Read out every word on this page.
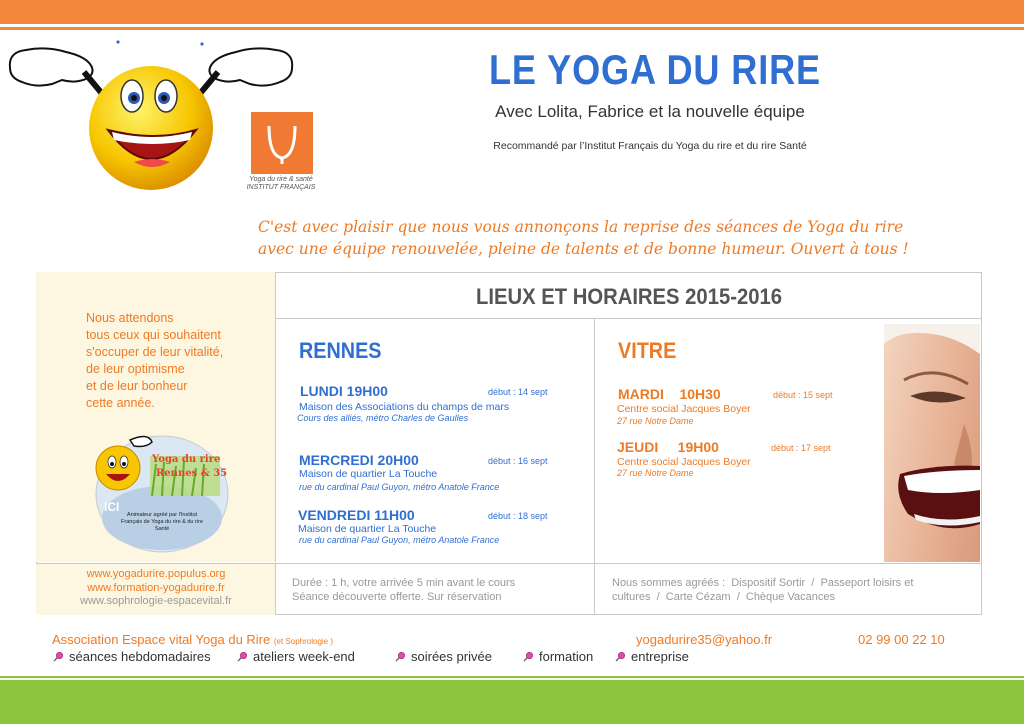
Yoga du rire & santé
INSTITUT FRANÇAIS
LE YOGA DU RIRE
Avec Lolita, Fabrice et la nouvelle équipe
Recommandé par l’Institut Français du Yoga du rire et du rire Santé
C'est avec plaisir que nous vous annonçons la reprise des séances de Yoga du rire
avec une équipe renouvelée, pleine de talents et de bonne humeur. Ouvert à tous !
Nous attendons
tous ceux qui souhaitent
s'occuper de leur vitalité,
de leur optimisme
et de leur bonheur
cette année.
Yoga du rire
Rennes & 35
ICI
Animateur agréé par l'Institut Français de Yoga du rire & du rire Santé
LIEUX ET HORAIRES 2015-2016
RENNES	VITRE
LUNDI 19H00	début : 14 sept
Maison des Associations du champs de mars
Cours des alliés, métro Charles de Gaulles
MERCREDI 20H00	début : 16 sept
Maison de quartier La Touche
rue du cardinal Paul Guyon, métro Anatole France
VENDREDI 11H00	début : 18 sept
Maison de quartier La Touche
rue du cardinal Paul Guyon, métro Anatole France
MARDI    10H30	début : 15 sept
Centre social Jacques Boyer
27 rue Notre Dame
JEUDI     19H00	début : 17 sept
Centre social Jacques Boyer
27 rue Notre Dame
www.yogadurire.populus.org
www.formation-yogadurire.fr
www.sophrologie-espacevital.fr
Durée : 1 h, votre arrivée 5 min avant le cours
Séance découverte offerte. Sur réservation
Nous sommes agréés :  Dispositif Sortir  /  Passeport loisirs et
cultures  /  Carte Cézam  /  Chèque Vacances
Association Espace vital Yoga du Rire (et Sophrologie )	yogadurire35@yahoo.fr	02 99 00 22 10
séances hebdomadaires	ateliers week-end	soirées privée	formation	entreprise
